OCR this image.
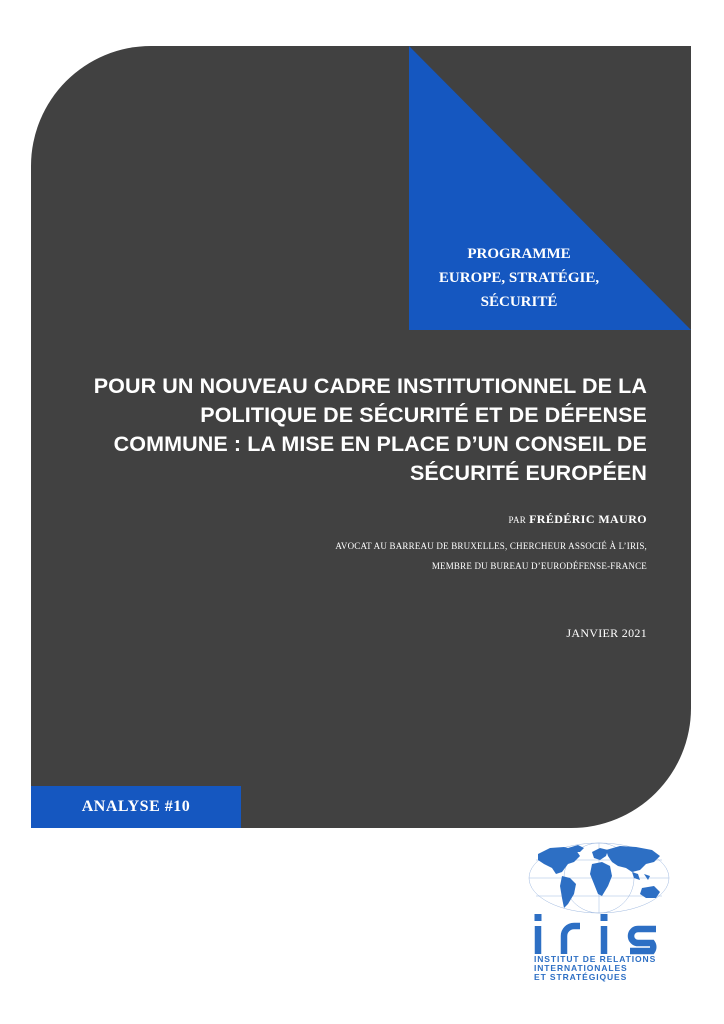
PROGRAMME
EUROPE, STRATÉGIE,
SÉCURITÉ
POUR UN NOUVEAU CADRE INSTITUTIONNEL DE LA
POLITIQUE DE SÉCURITÉ ET DE DÉFENSE
COMMUNE : LA MISE EN PLACE D’UN CONSEIL DE
SÉCURITÉ EUROPÉEN
PAR FRÉDÉRIC MAURO
AVOCAT AU BARREAU DE BRUXELLES, CHERCHEUR ASSOCIÉ À L’IRIS,
MEMBRE DU BUREAU D’EURODÉFENSE-FRANCE
JANVIER 2021
ANALYSE #10
IRIS
INSTITUT DE RELATIONS
INTERNATIONALES
ET STRATÉGIQUES
